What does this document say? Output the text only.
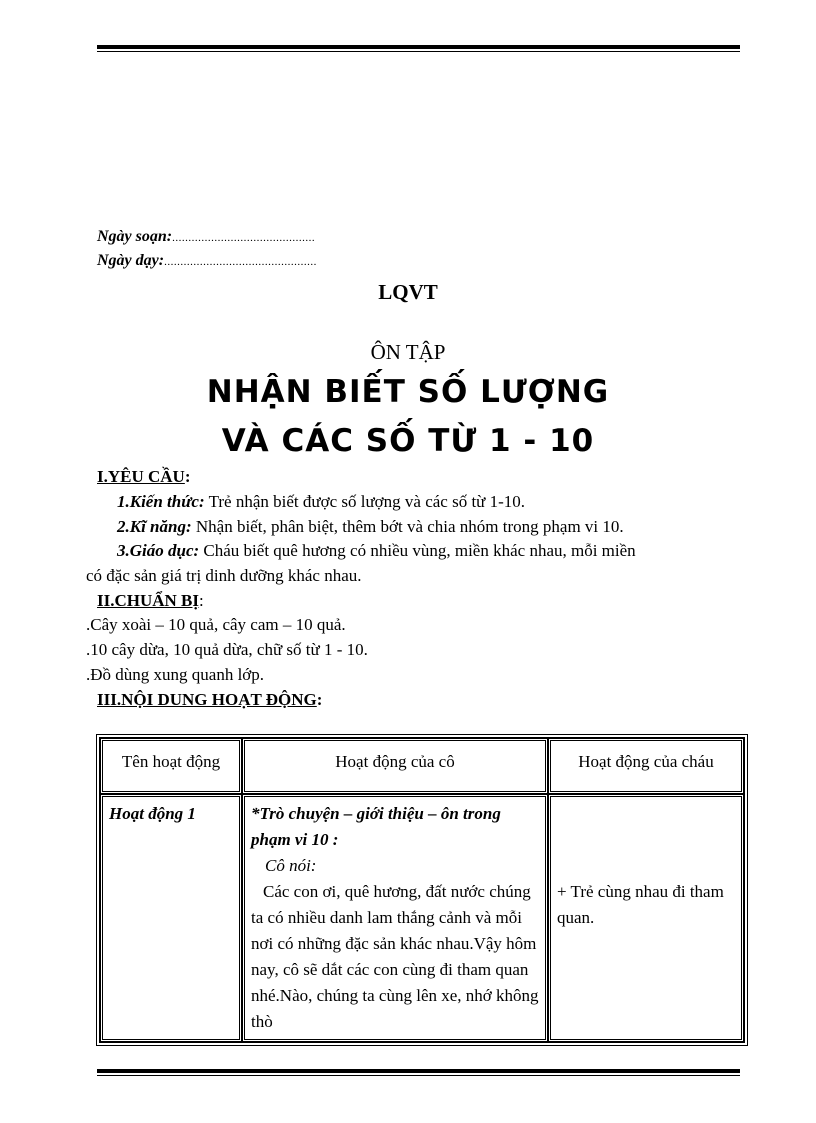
Ngày soạn:............................................
Ngày dạy:...............................................
LQVT
ÔN TẬP
NHẬN BIẾT SỐ LƯỢNG
VÀ CÁC SỐ TỪ 1 - 10
I.YÊU CẦU:
1.Kiến thức: Trẻ nhận biết được số lượng và các số từ 1-10.
2.Kĩ năng: Nhận biết, phân biệt, thêm bớt và chia nhóm trong phạm vi 10.
3.Giáo dục: Cháu biết quê hương có nhiều vùng, miền khác nhau, mỗi miền
có đặc sản giá trị dinh dưỡng khác nhau.
II.CHUẨN BỊ:
.Cây xoài – 10 quả, cây cam – 10 quả.
.10 cây dừa, 10 quả dừa, chữ số từ 1 - 10.
.Đồ dùng xung quanh lớp.
III.NỘI DUNG HOẠT ĐỘNG:
Tên hoạt động	Hoạt động của cô	Hoạt động của cháu
Hoạt động 1	*Trò chuyện – giới thiệu – ôn trong phạm vi 10 :
Cô nói:
Các con ơi, quê hương, đất nước chúng ta có nhiều danh lam thắng cảnh và mỗi nơi có những đặc sản khác nhau.Vậy hôm nay, cô sẽ dắt các con cùng đi tham quan nhé.Nào, chúng ta cùng lên xe, nhớ không thò	+ Trẻ cùng nhau đi tham quan.
